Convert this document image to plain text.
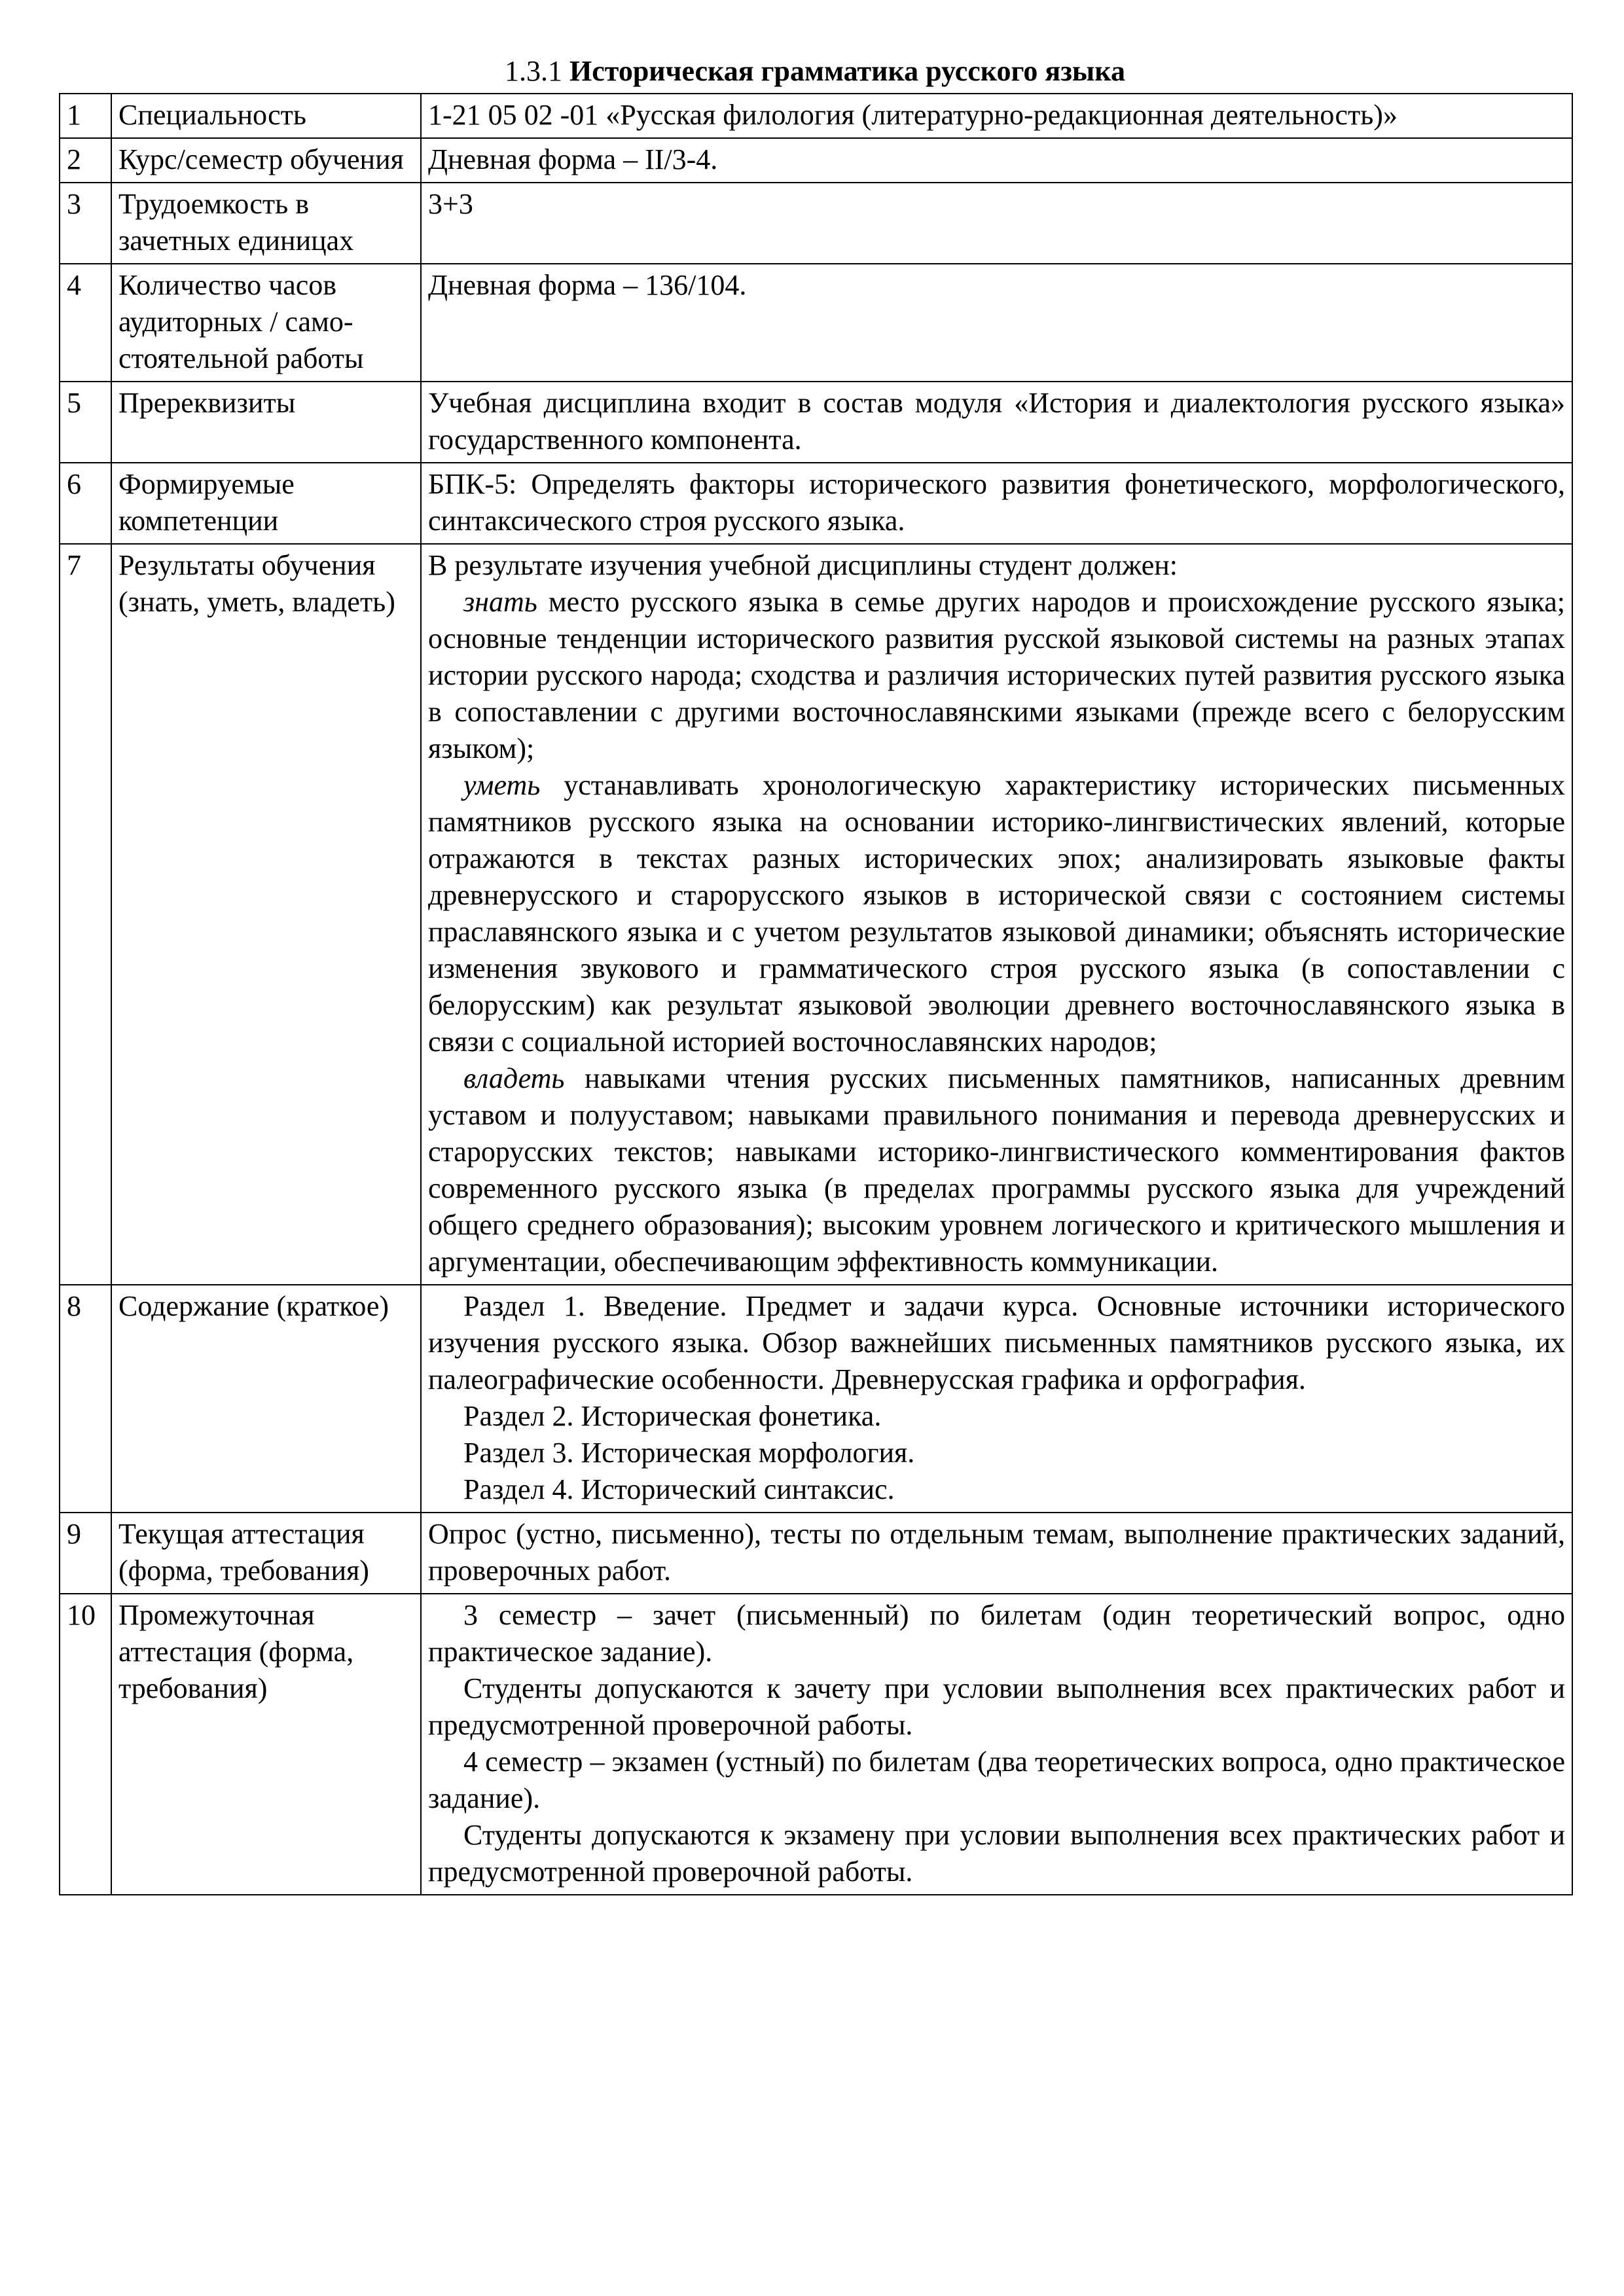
1.3.1 Историческая грамматика русского языка
1	Специальность	1-21 05 02 -01 «Русская филология (литературно-редакционная деятельность)»

2	Курс/семестр обучения	Дневная форма – II/3-4.

3	Трудоемкость в зачетных единицах	3+3

4	Количество часов аудиторных / самостоятельной работы	Дневная форма – 136/104.

5	Пререквизиты	Учебная дисциплина входит в состав модуля «История и диалектология русского языка» государственного компонента.

6	Формируемые компетенции	БПК-5: Определять факторы исторического развития фонетического, морфологического, синтаксического строя русского языка.

7	Результаты обучения (знать, уметь, владеть)	В результате изучения учебной дисциплины студент должен:

знать место русского языка в семье других народов и происхождение русского языка; основные тенденции исторического развития русской языковой системы на разных этапах истории русского народа; сходства и различия исторических путей развития русского языка в сопоставлении с другими восточнославянскими языками (прежде всего с белорусским языком);

уметь устанавливать хронологическую характеристику исторических письменных памятников русского языка на основании историко-лингвистических явлений, которые отражаются в текстах разных исторических эпох; анализировать языковые факты древнерусского и старорусского языков в исторической связи с состоянием системы праславянского языка и с учетом результатов языковой динамики; объяснять исторические изменения звукового и грамматического строя русского языка (в сопоставлении с белорусским) как результат языковой эволюции древнего восточнославянского языка в связи с социальной историей восточнославянских народов;

владеть навыками чтения русских письменных памятников, написанных древним уставом и полууставом; навыками правильного понимания и перевода древнерусских и старорусских текстов; навыками историко-лингвистического комментирования фактов современного русского языка (в пределах программы русского языка для учреждений общего среднего образования); высоким уровнем логического и критического мышления и аргументации, обеспечивающим эффективность коммуникации.

8	Содержание (краткое)	Раздел 1. Введение. Предмет и задачи курса. Основные источники исторического изучения русского языка. Обзор важнейших письменных памятников русского языка, их палеографические особенности. Древнерусская графика и орфография.

Раздел 2. Историческая фонетика.

Раздел 3. Историческая морфология.

Раздел 4. Исторический синтаксис.

9	Текущая аттестация (форма, требования)	Опрос (устно, письменно), тесты по отдельным темам, выполнение практических заданий, проверочных работ.

10	Промежуточная аттестация (форма, требования)	3 семестр – зачет (письменный) по билетам (один теоретический вопрос, одно практическое задание).

Студенты допускаются к зачету при условии выполнения всех практических работ и предусмотренной проверочной работы.

4 семестр – экзамен (устный) по билетам (два теоретических вопроса, одно практическое задание).

Студенты допускаются к экзамену при условии выполнения всех практических работ и предусмотренной проверочной работы.
